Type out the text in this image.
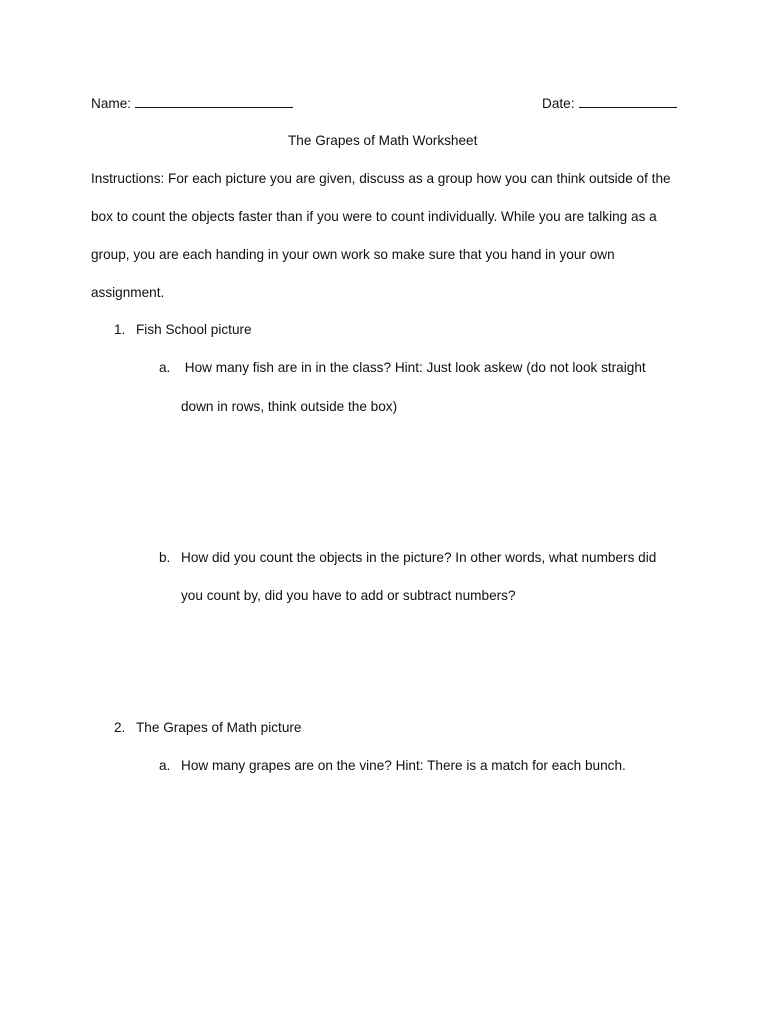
Name:	Date:
The Grapes of Math Worksheet
Instructions: For each picture you are given, discuss as a group how you can think outside of the
box to count the objects faster than if you were to count individually. While you are talking as a
group, you are each handing in your own work so make sure that you hand in your own
assignment.
1. Fish School picture
a. How many fish are in in the class? Hint: Just look askew (do not look straight
down in rows, think outside the box)
b. How did you count the objects in the picture? In other words, what numbers did
you count by, did you have to add or subtract numbers?
2. The Grapes of Math picture
a. How many grapes are on the vine? Hint: There is a match for each bunch.
